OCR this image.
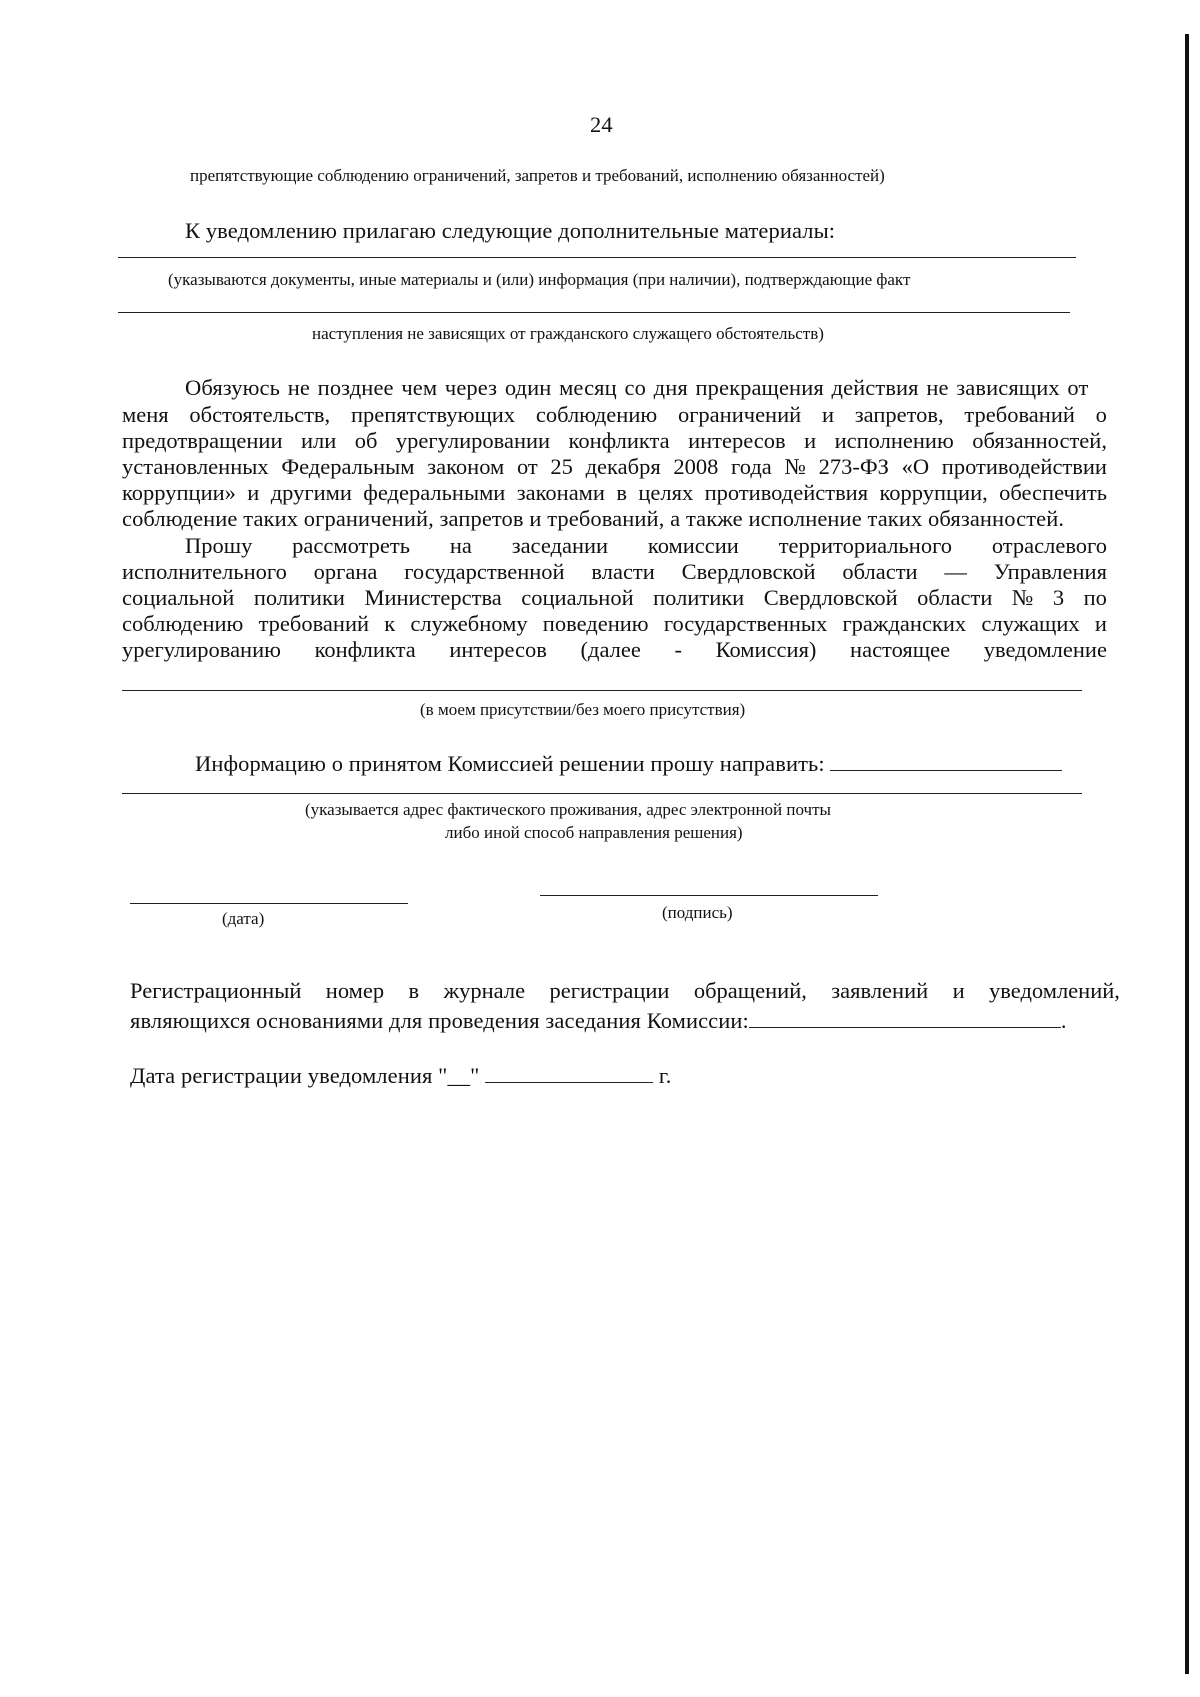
24
препятствующие соблюдению ограничений, запретов и требований, исполнению обязанностей)
К уведомлению прилагаю следующие дополнительные материалы:
(указываются документы, иные материалы и (или) информация (при наличии), подтверждающие факт
наступления не зависящих от гражданского служащего обстоятельств)
Обязуюсь не позднее чем через один месяц со дня прекращения действия не зависящих от
меня обстоятельств, препятствующих соблюдению ограничений и запретов, требований о
предотвращении или об урегулировании конфликта интересов и исполнению обязанностей,
установленных Федеральным законом от 25 декабря 2008 года № 273-ФЗ «О противодействии
коррупции» и другими федеральными законами в целях противодействия коррупции, обеспечить
соблюдение таких ограничений, запретов и требований, а также исполнение таких обязанностей.
Прошу рассмотреть на заседании комиссии территориального отраслевого
исполнительного органа государственной власти Свердловской области — Управления
социальной политики Министерства социальной политики Свердловской области № 3 по
соблюдению требований к служебному поведению государственных гражданских служащих и
урегулированию конфликта интересов (далее - Комиссия) настоящее уведомление
(в моем присутствии/без моего присутствия)
Информацию о принятом Комиссией решении прошу направить:
(указывается адрес фактического проживания, адрес электронной почты
либо иной способ направления решения)
(дата)	(подпись)
Регистрационный номер в журнале регистрации обращений, заявлений и уведомлений,
являющихся основаниями для проведения заседания Комиссии:	.
Дата регистрации уведомления "__"	г.
